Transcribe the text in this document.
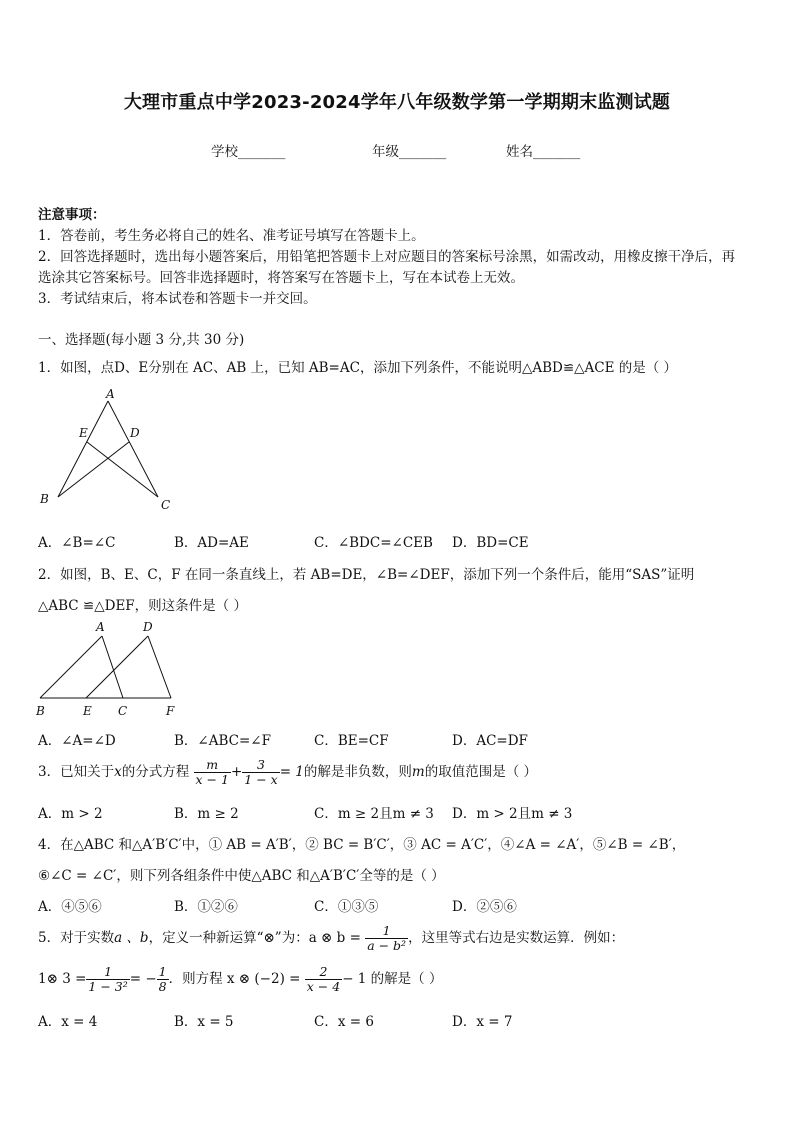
大理市重点中学2023-2024学年八年级数学第一学期期末监测试题
学校_______	年级_______	姓名_______
注意事项：
1．答卷前，考生务必将自己的姓名、准考证号填写在答题卡上。
2．回答选择题时，选出每小题答案后，用铅笔把答题卡上对应题目的答案标号涂黑，如需改动，用橡皮擦干净后，再
选涂其它答案标号。回答非选择题时，将答案写在答题卡上，写在本试卷上无效。
3．考试结束后，将本试卷和答题卡一并交回。
一、选择题(每小题 3 分,共 30 分)
1．如图，点D、E分别在 AC、AB 上，已知 AB=AC，添加下列条件，不能说明△ABD≌△ACE 的是（ ）
A
E	D
B	C
A．∠B=∠C	B．AD=AE	C．∠BDC=∠CEB D．BD=CE
2．如图，B、E、C，F 在同一条直线上，若 AB=DE，∠B=∠DEF，添加下列一个条件后，能用“SAS”证明
△ABC ≌△DEF，则这条件是（ ）
A	D
B	E C	F
A．∠A=∠D	B．∠ABC=∠F	C．BE=CF	D．AC=DF
3．已知关于x的分式方程 $\frac{m}{x - 1} + \frac{3}{1 - x} = 1$的解是非负数，则m的取值范围是（ ）
A．m > 2	B．m ≥ 2	C．m ≥ 2且m ≠ 3 D．m > 2且m ≠ 3
4．在△ABC 和△A′B′C′中，① AB = A′B′，② BC = B′C′，③ AC = A′C′，④∠A = ∠A′，⑤∠B = ∠B′，
⑥∠C = ∠C′，则下列各组条件中使△ABC 和△A′B′C′全等的是（ ）
A．④⑤⑥	B．①②⑥	C．①③⑤	D．②⑤⑥
5．对于实数a 、b，定义一种新运算“⊗”为：a ⊗ $b = \frac{1}{\text{a − b²}}$ ，这里等式右边是实数运算．例如：
1⊗ $3 = \frac{1}{\text{1 − 3²}}$ = − $\frac{1}{8}$ ．则方程 x ⊗ $(-2) = \frac{2}{x - 4} - 1$ 的解是（ ）
A．x = 4	B．x = 5	C．x = 6	D．x = 7
